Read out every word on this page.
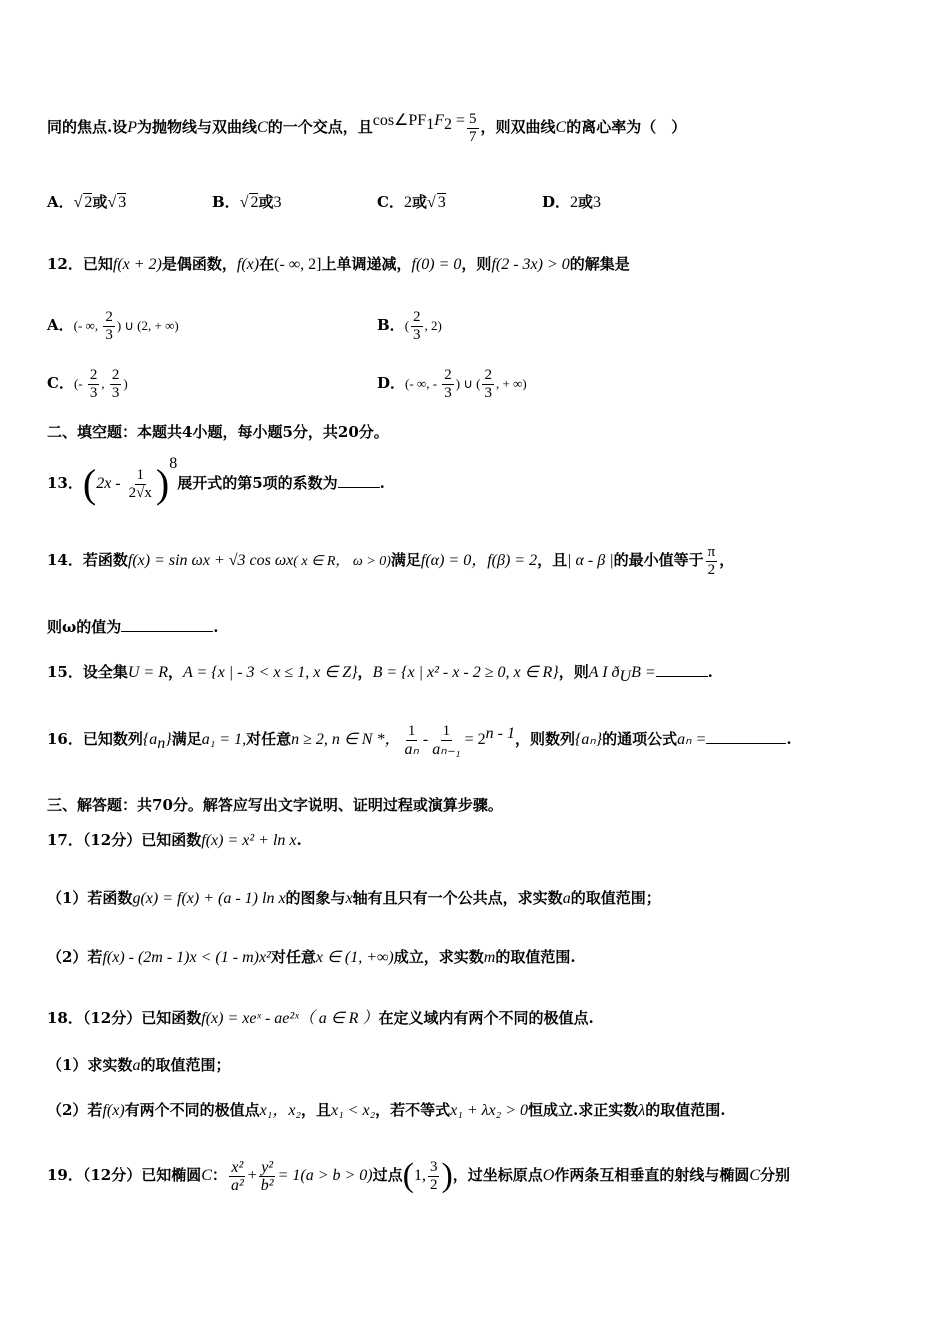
同的焦点.设P为抛物线与双曲线C的一个交点，且$\cos\angle PF_1F_2 = \frac{5}{7}$ ，则双曲线C的离心率为（　）
A．√ 2或√ 3	B．√ 2或3	C．2或√ 3	D．2或3
12．已知f(x + 2)是偶函数，f(x)在(- ∞, 2]上单调递减，f(0) = 0，则f(2 - 3x) > 0的解集是
A．(- ∞, $\frac{2}{3}$ ) ∪ (2, + ∞)	B．( $\frac{2}{3}$ , 2)
C．(- $\frac{2}{3}$ , $\frac{2}{3}$ )	D．(- ∞, - $\frac{2}{3}$ ) ∪ ( $\frac{2}{3}$ , + ∞)
二、填空题：本题共4小题，每小题5分，共20分。
13．$(2x - \frac{1}{2√x} )^8$展开式的第5项的系数为	.
14．若函数f(x) = sin ωx + √3 cos ωx( x ∈ R， ω > 0)满足f(α) = 0，f(β) = 2，且| α - β |的最小值等于 $\frac{\pi}{2}$ ，
则ω的值为	.
15．设全集U = R，A = {x | - 3 < x ≤ 1, x ∈ Z}，B = {x | x² - x - 2 ≥ 0, x ∈ R}，则A I $ð_UB$ =	.
16．已知数列$\{a_n\}$满足a₁ = 1,对任意n ≥ 2, n ∈ N *， $\frac{1}{\text{aₙ}} - \frac{1}{\text{aₙ₋₁}} = 2^{n - 1}$，则数列{aₙ}的通项公式aₙ =	.
三、解答题：共70分。解答应写出文字说明、证明过程或演算步骤。
17．（12分）已知函数f(x) = x² + ln x.
（1）若函数g(x) = f(x) + (a - 1) ln x的图象与x轴有且只有一个公共点，求实数a的取值范围；
（2）若f(x) - (2m - 1)x < (1 - m)x²对任意x ∈ (1, +∞)成立，求实数m的取值范围.
18．（12分）已知函数f(x) = xeˣ - ae²ˣ（ a ∈ R ）在定义域内有两个不同的极值点.
（1）求实数a的取值范围；
（2）若f(x)有两个不同的极值点x₁，x₂，且x₁ < x₂，若不等式x₁ + λx₂ > 0恒成立.求正实数λ的取值范围.
19．（12分）已知椭圆C： $\frac{\text{x²}}{\text{a²}} + \frac{\text{y²}}{\text{b²}} = 1(a > b > 0)$过点(1, $\frac{3}{2}$ )，过坐标原点O作两条互相垂直的射线与椭圆C分别
